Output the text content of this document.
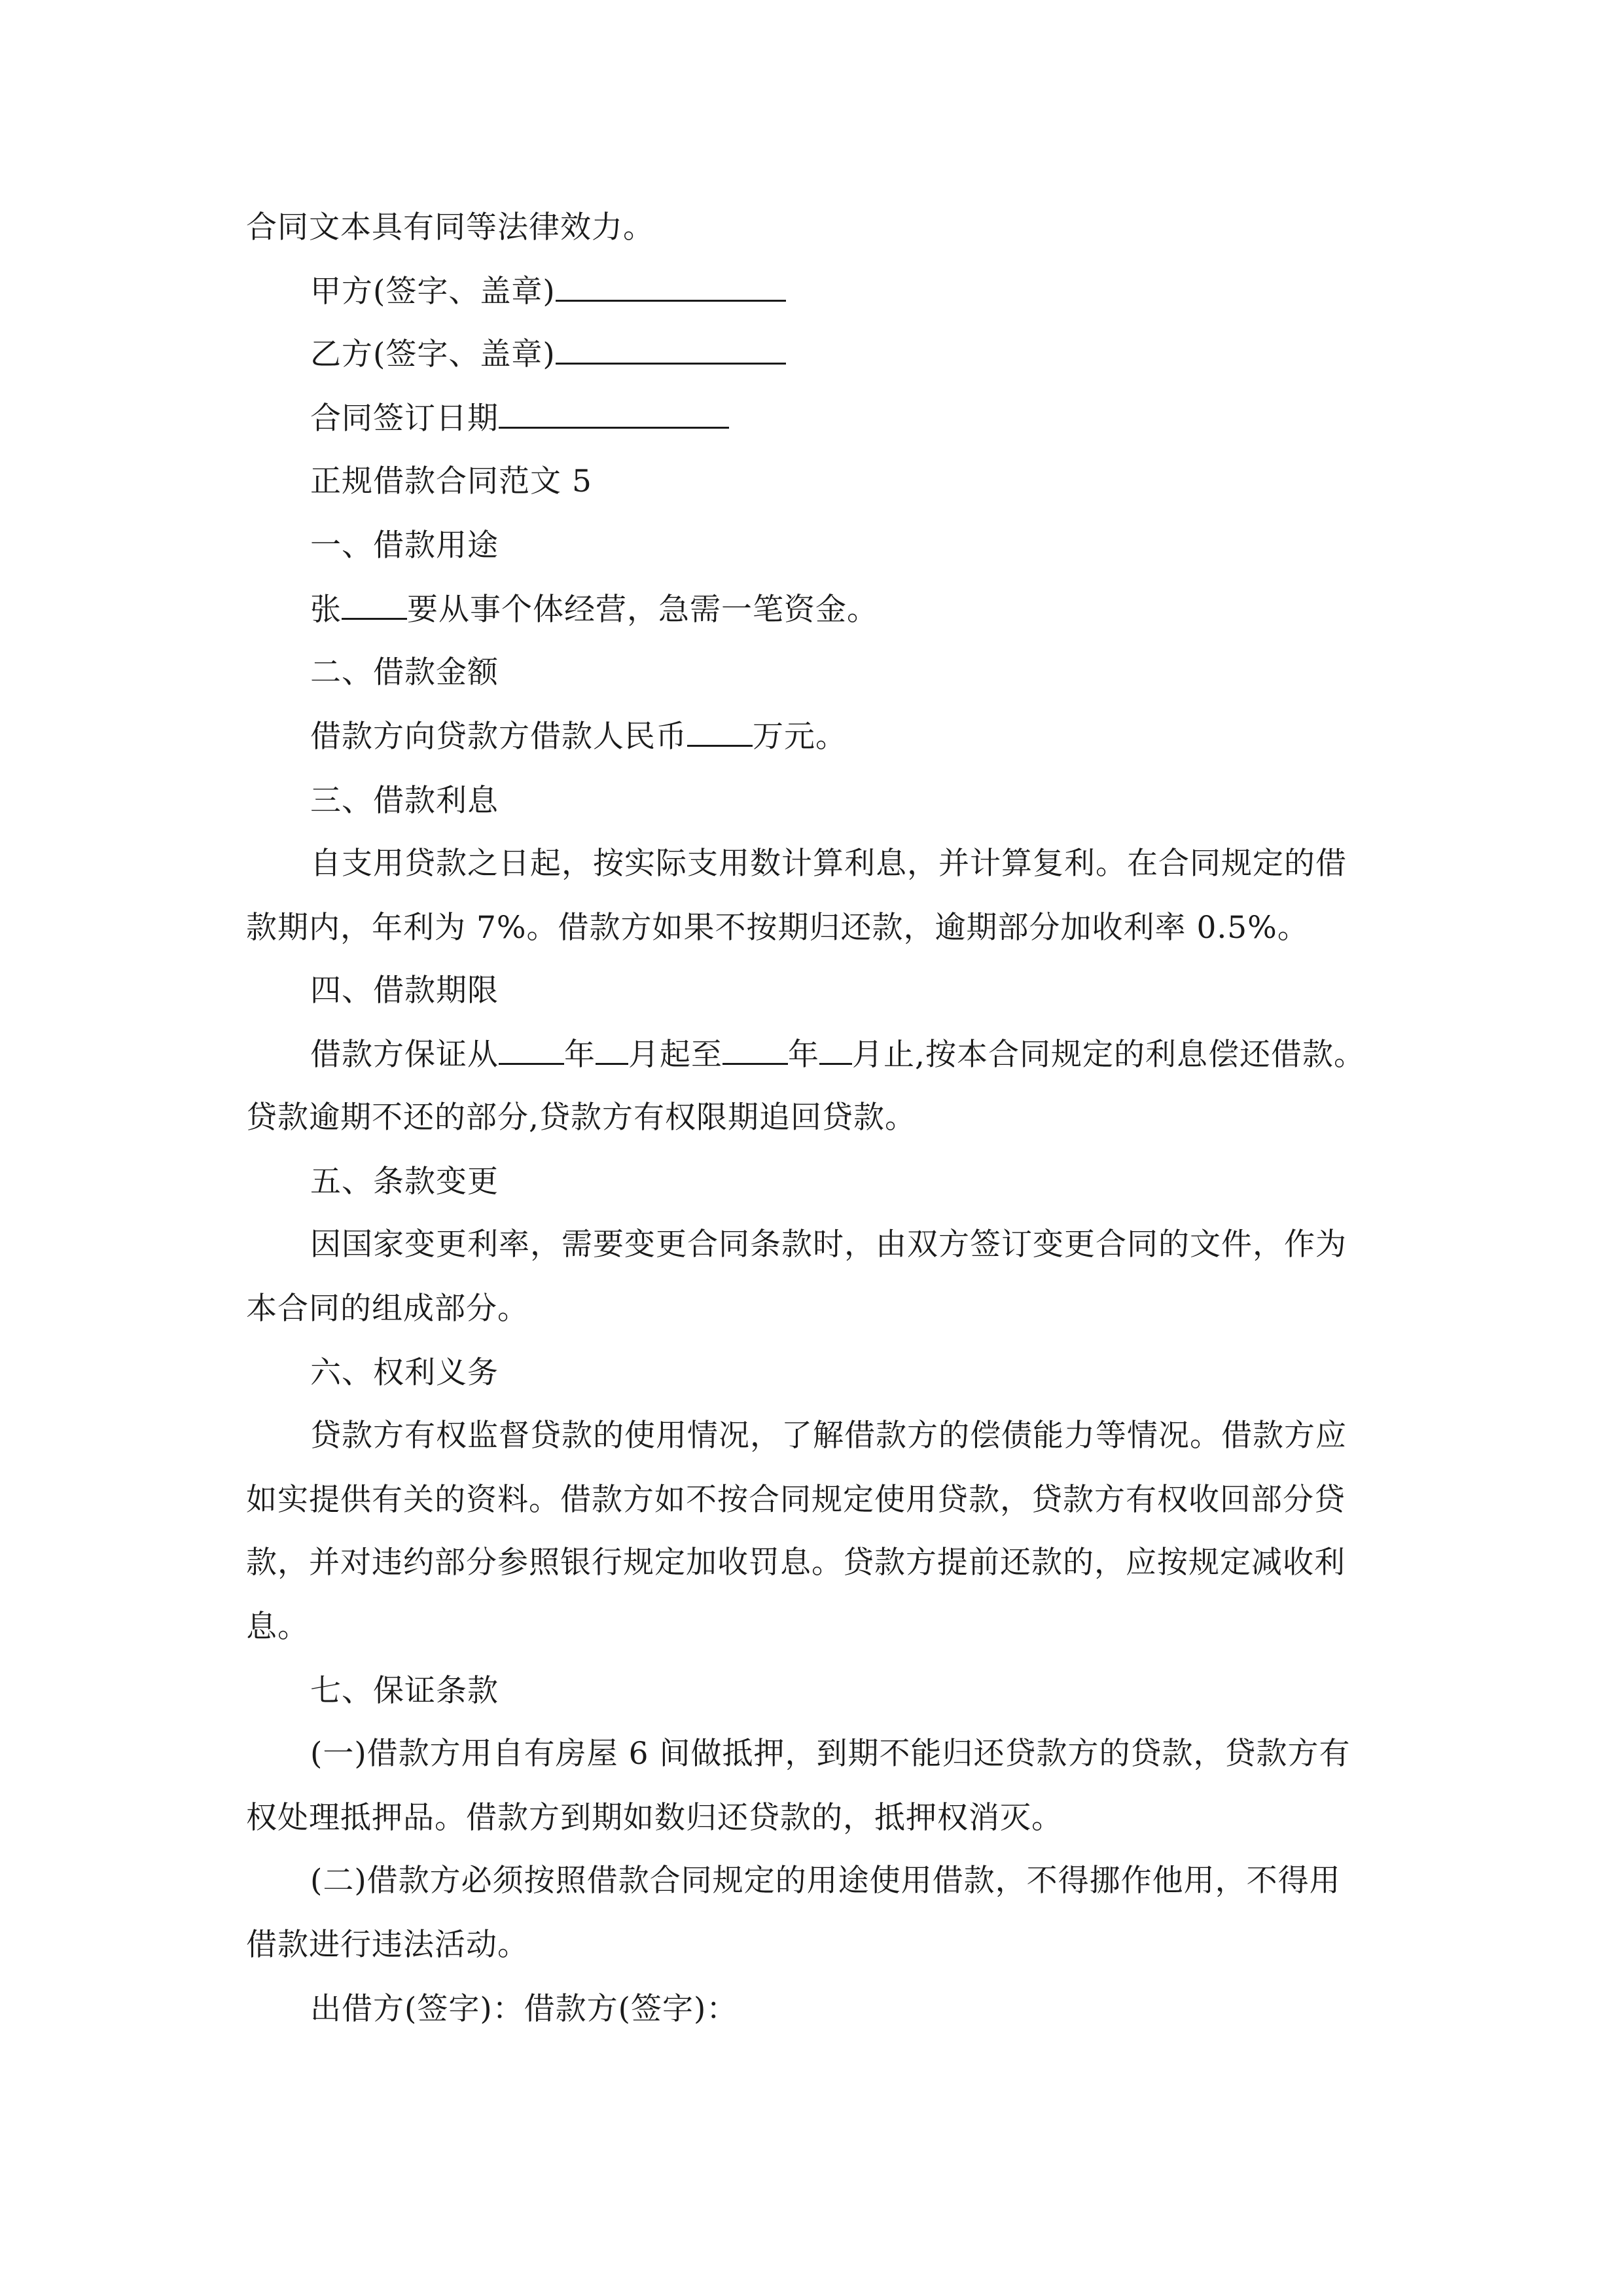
合同文本具有同等法律效力。
甲方(签字、盖章)
乙方(签字、盖章)
合同签订日期
正规借款合同范文 5
一、借款用途
张 要从事个体经营，急需一笔资金。
二、借款金额
借款方向贷款方借款人民币 万元。
三、借款利息
自支用贷款之日起，按实际支用数计算利息，并计算复利。在合同规定的借
款期内，年利为 7%。借款方如果不按期归还款，逾期部分加收利率 0.5%。
四、借款期限
借款方保证从 年 月起至 年 月止,按本合同规定的利息偿还借款。
贷款逾期不还的部分,贷款方有权限期追回贷款。
五、条款变更
因国家变更利率，需要变更合同条款时，由双方签订变更合同的文件，作为
本合同的组成部分。
六、权利义务
贷款方有权监督贷款的使用情况，了解借款方的偿债能力等情况。借款方应
如实提供有关的资料。借款方如不按合同规定使用贷款，贷款方有权收回部分贷
款，并对违约部分参照银行规定加收罚息。贷款方提前还款的，应按规定减收利
息。
七、保证条款
(一)借款方用自有房屋 6 间做抵押，到期不能归还贷款方的贷款，贷款方有
权处理抵押品。借款方到期如数归还贷款的，抵押权消灭。
(二)借款方必须按照借款合同规定的用途使用借款，不得挪作他用，不得用
借款进行违法活动。
出借方(签字)：借款方(签字)：
